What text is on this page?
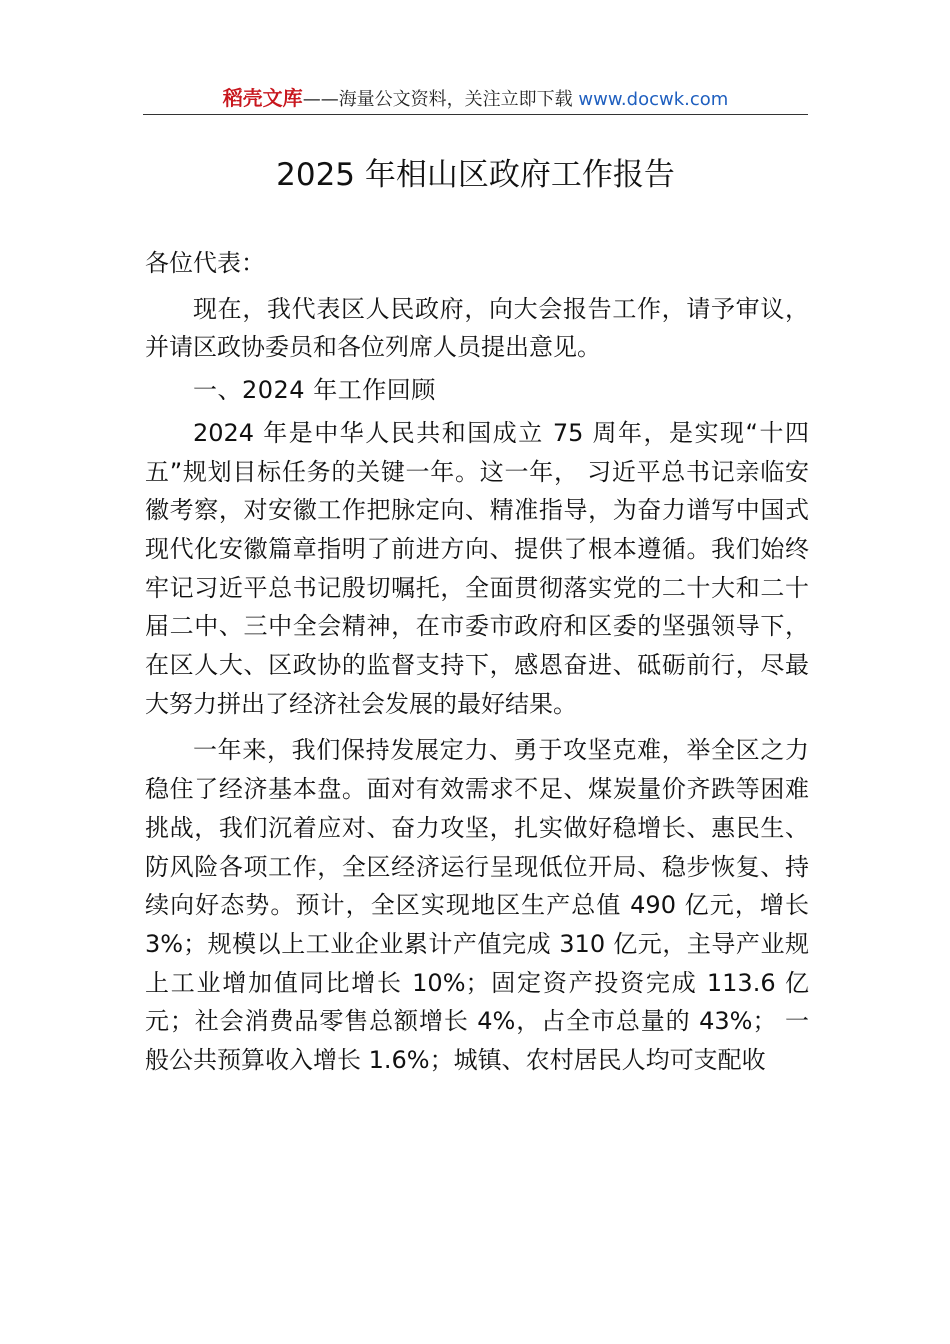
稻壳文库——海量公文资料，关注立即下载 www.docwk.com
2025 年相山区政府工作报告

各位代表：

现在，我代表区人民政府，向大会报告工作，请予审议， 并请区政协委员和各位列席人员提出意见。

一、2024 年工作回顾

2024 年是中华人民共和国成立 75 周年，是实现“十四五”规划目标任务的关键一年。这一年， 习近平总书记亲临安徽考察，对安徽工作把脉定向、精准指导，为奋力谱写中国式现代化安徽篇章指明了前进方向、提供了根本遵循。我们始终牢记习近平总书记殷切嘱托，全面贯彻落实党的二十大和二十届二中、三中全会精神，在市委市政府和区委的坚强领导下，在区人大、区政协的监督支持下，感恩奋进、砥砺前行，尽最大努力拼出了经济社会发展的最好结果。

一年来，我们保持发展定力、勇于攻坚克难，举全区之力稳住了经济基本盘。面对有效需求不足、煤炭量价齐跌等困难挑战，我们沉着应对、奋力攻坚，扎实做好稳增长、惠民生、防风险各项工作，全区经济运行呈现低位开局、稳步恢复、持续向好态势。预计，全区实现地区生产总值 490 亿元，增长 3%；规模以上工业企业累计产值完成 310 亿元，主导产业规上工业增加值同比增长 10%；固定资产投资完成 113.6 亿元；社会消费品零售总额增长 4%，占全市总量的 43%； 一般公共预算收入增长 1.6%；城镇、农村居民人均可支配收
